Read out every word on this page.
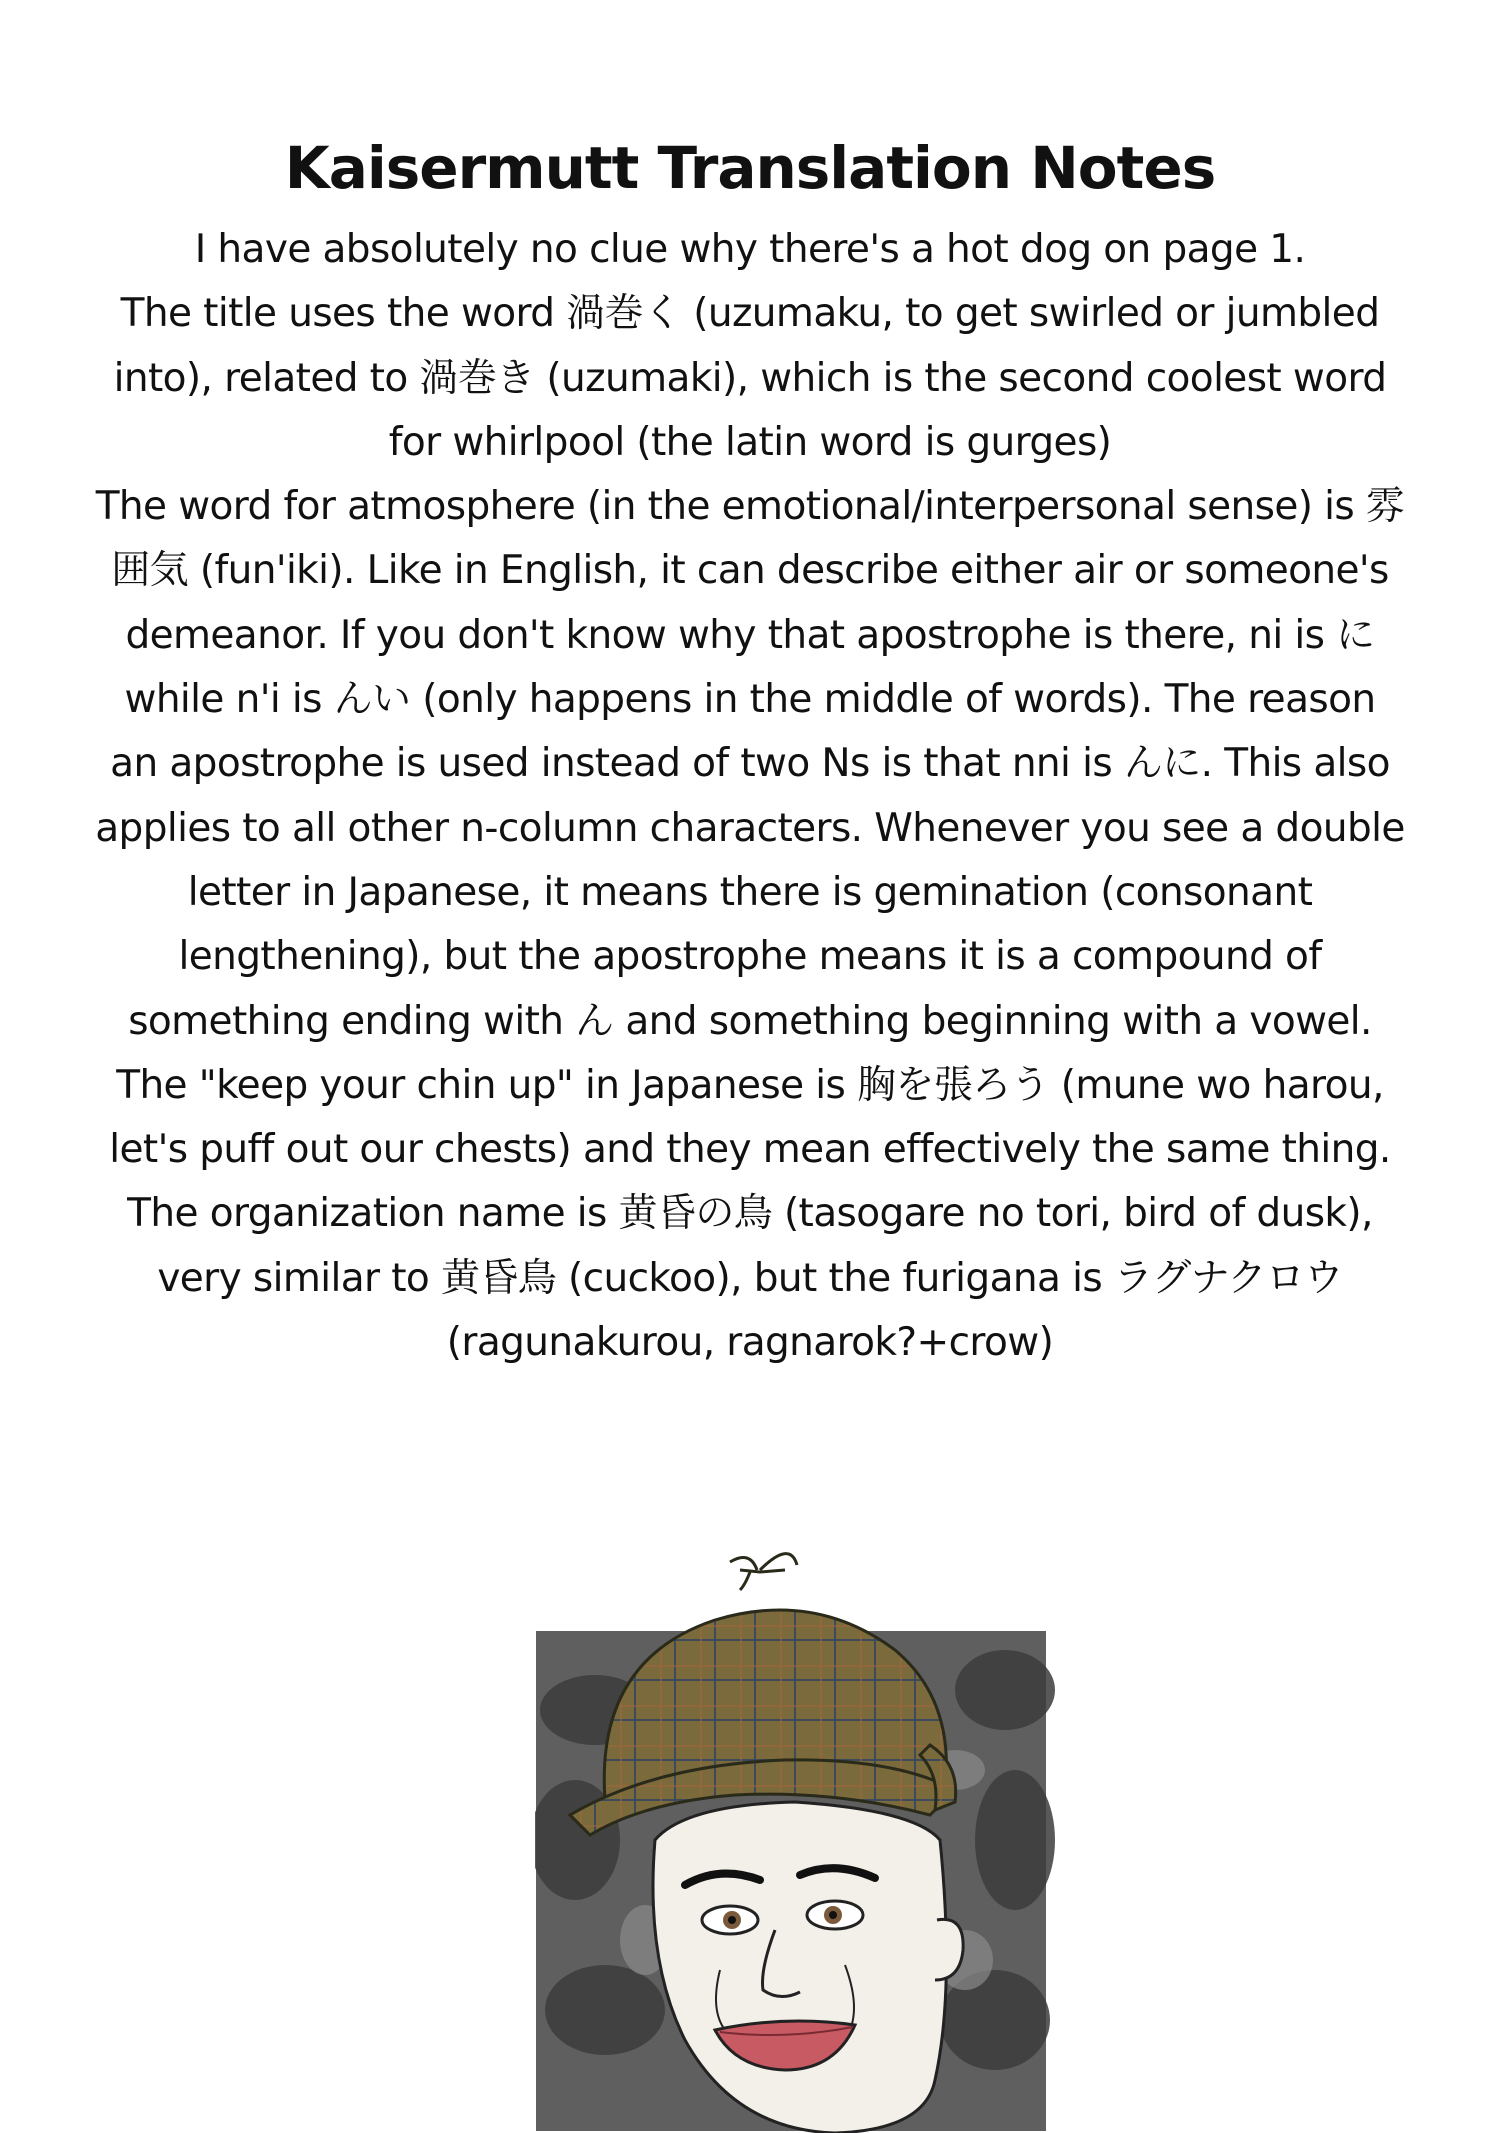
Kaisermutt Translation Notes

I have absolutely no clue why there's a hot dog on page 1.

The title uses the word 渦巻く (uzumaku, to get swirled or jumbled into), related to 渦巻き (uzumaki), which is the second coolest word for whirlpool (the latin word is gurges)

The word for atmosphere (in the emotional/interpersonal sense) is 雰囲気 (fun'iki). Like in English, it can describe either air or someone's demeanor. If you don't know why that apostrophe is there, ni is に while n'i is んい (only happens in the middle of words). The reason an apostrophe is used instead of two Ns is that nni is んに. This also applies to all other n-column characters. Whenever you see a double letter in Japanese, it means there is gemination (consonant lengthening), but the apostrophe means it is a compound of something ending with ん and something beginning with a vowel.

The "keep your chin up" in Japanese is 胸を張ろう (mune wo harou, let's puff out our chests) and they mean effectively the same thing.

The organization name is 黄昏の鳥 (tasogare no tori, bird of dusk), very similar to 黄昏鳥 (cuckoo), but the furigana is ラグナクロウ (ragunakurou, ragnarok?+crow)
